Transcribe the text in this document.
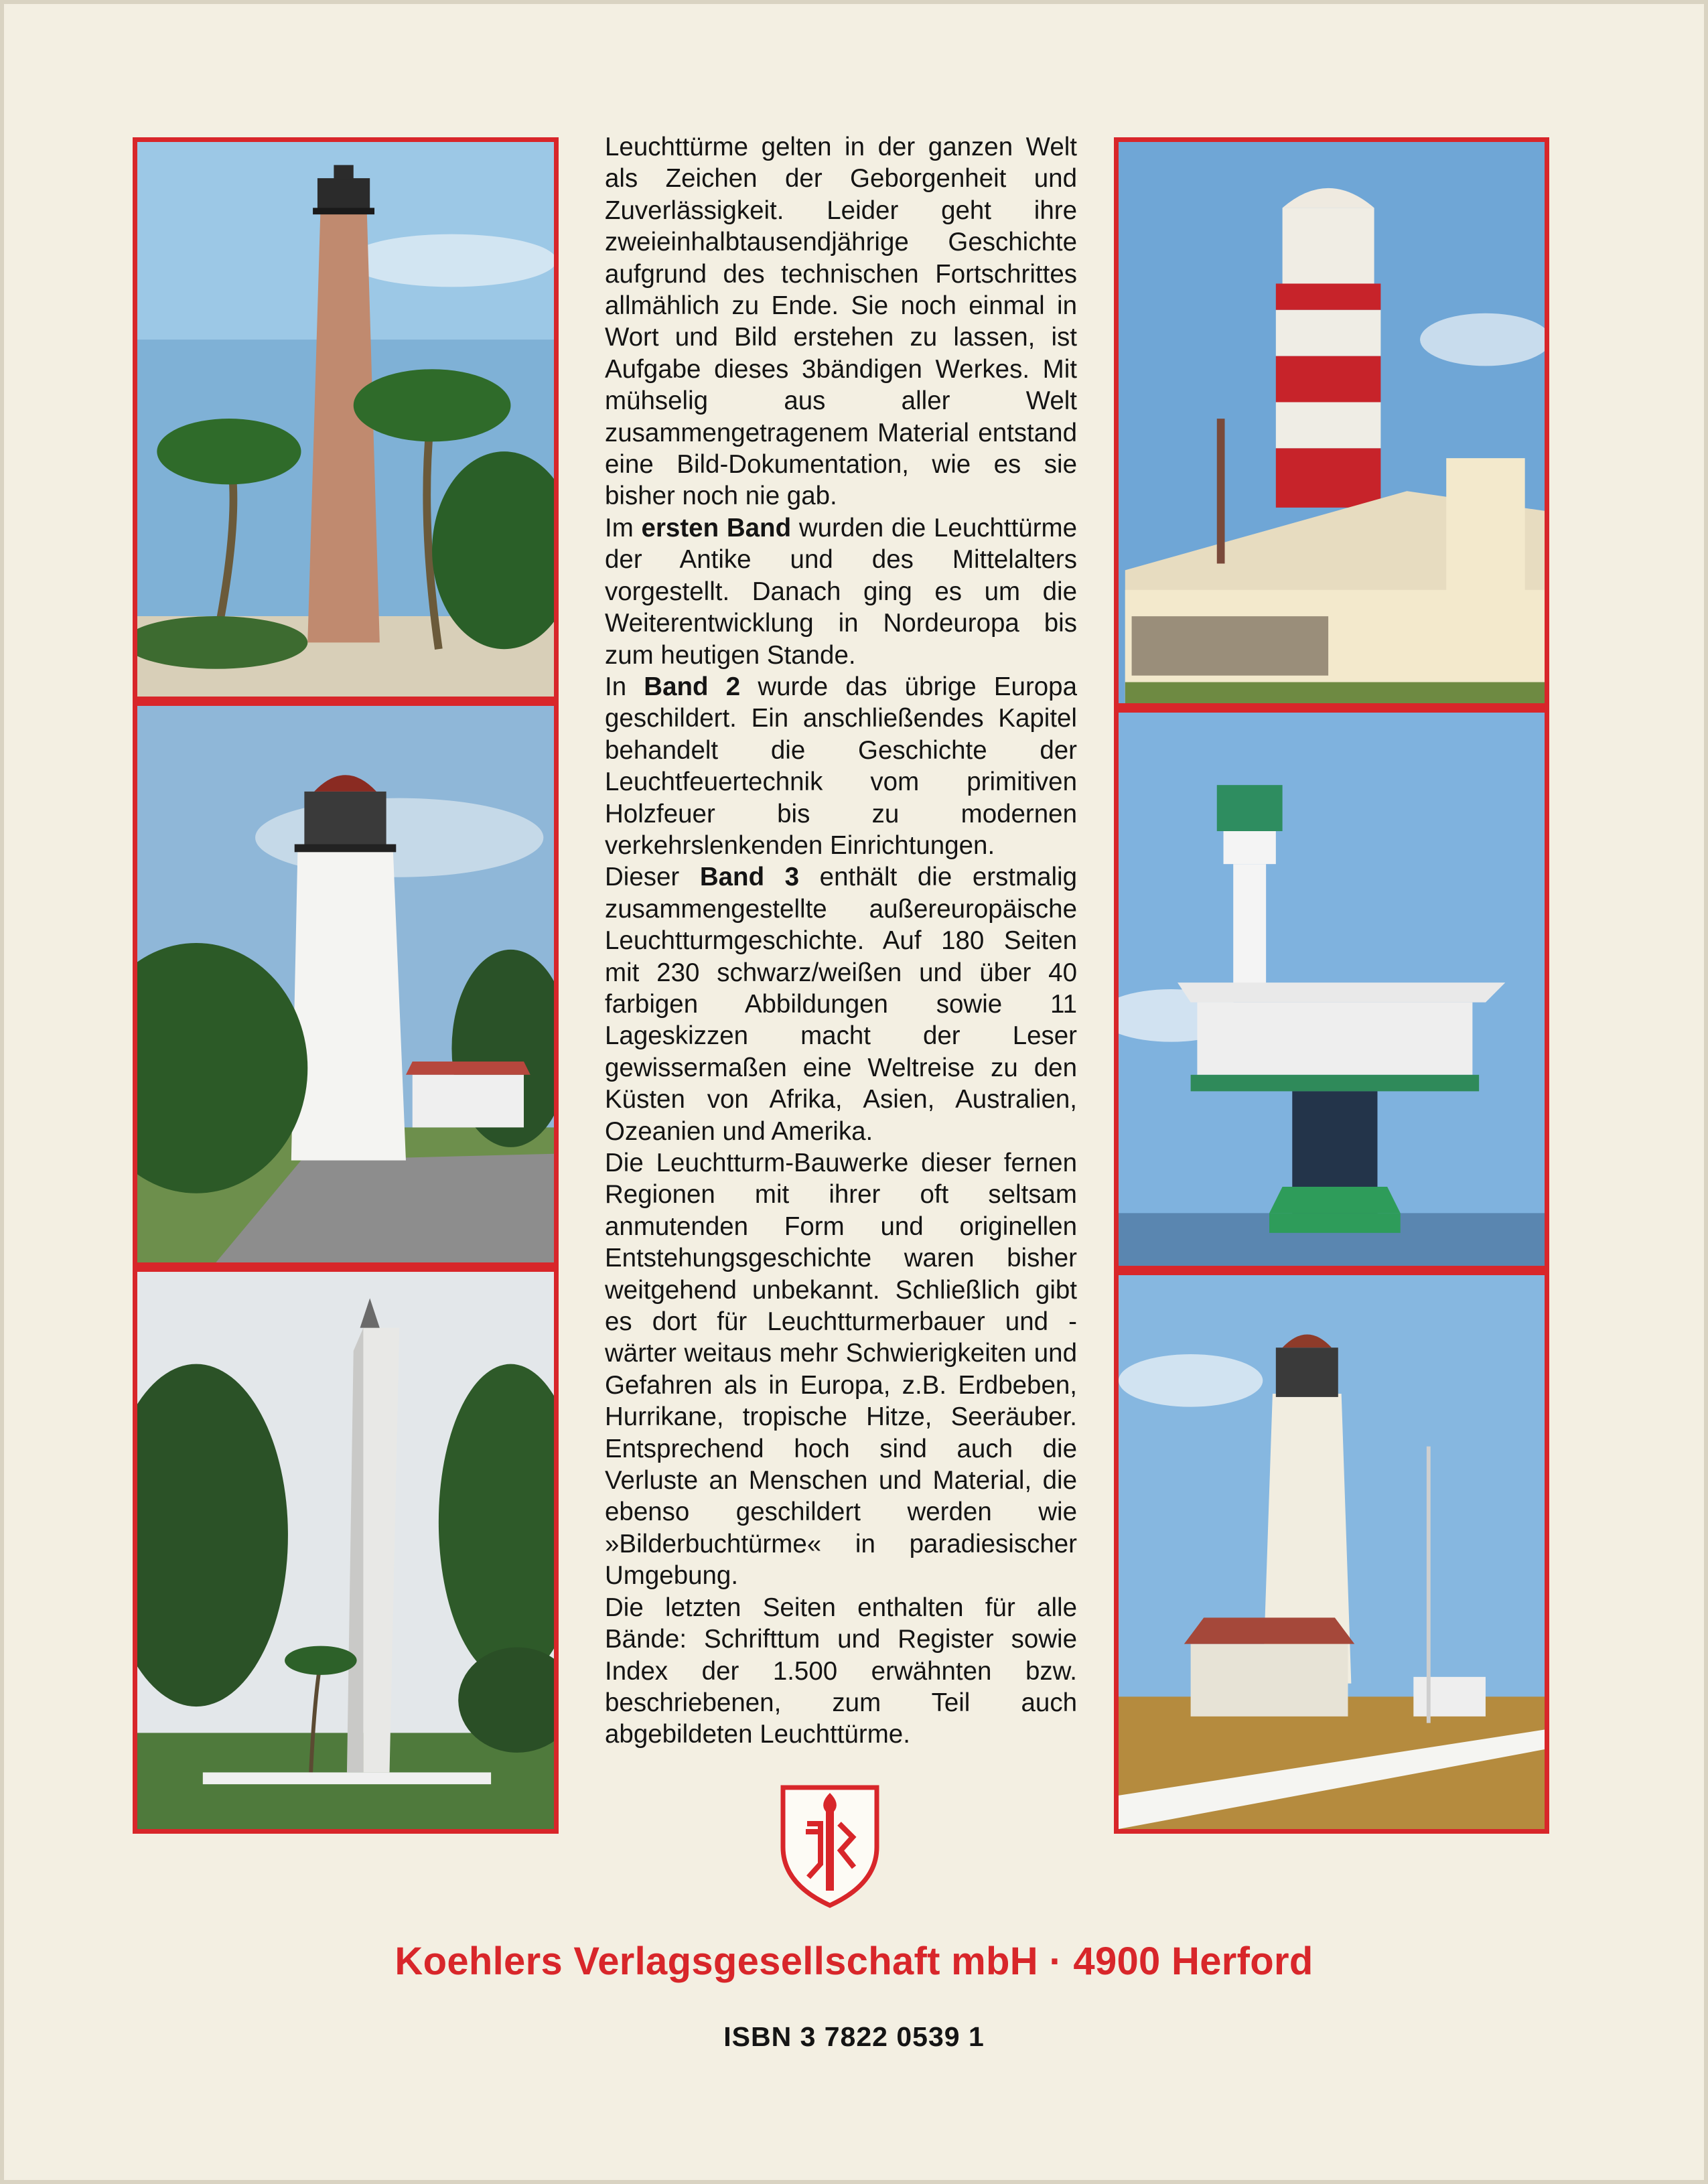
Leuchttürme gelten in der ganzen Welt als Zeichen der Geborgenheit und Zuverlässigkeit. Leider geht ihre zweieinhalbtausendjährige Geschichte aufgrund des technischen Fortschrittes allmählich zu Ende. Sie noch einmal in Wort und Bild erstehen zu lassen, ist Aufgabe dieses 3bändigen Werkes. Mit mühselig aus aller Welt zusammengetragenem Material entstand eine Bild-Dokumentation, wie es sie bisher noch nie gab.

Im ersten Band wurden die Leuchttürme der Antike und des Mittelalters vorgestellt. Danach ging es um die Weiterentwicklung in Nordeuropa bis zum heutigen Stande.

In Band 2 wurde das übrige Europa geschildert. Ein anschließendes Kapitel behandelt die Geschichte der Leuchtfeuertechnik vom primitiven Holzfeuer bis zu modernen verkehrslenkenden Einrichtungen.

Dieser Band 3 enthält die erstmalig zusammengestellte außereuropäische Leuchtturmgeschichte. Auf 180 Seiten mit 230 schwarz/weißen und über 40 farbigen Abbildungen sowie 11 Lageskizzen macht der Leser gewissermaßen eine Weltreise zu den Küsten von Afrika, Asien, Australien, Ozeanien und Amerika.

Die Leuchtturm-Bauwerke dieser fernen Regionen mit ihrer oft seltsam anmutenden Form und originellen Entstehungsgeschichte waren bisher weitgehend unbekannt. Schließlich gibt es dort für Leuchtturmerbauer und -wärter weitaus mehr Schwierigkeiten und Gefahren als in Europa, z.B. Erdbeben, Hurrikane, tropische Hitze, Seeräuber. Entsprechend hoch sind auch die Verluste an Menschen und Material, die ebenso geschildert werden wie »Bilderbuchtürme« in paradiesischer Umgebung.

Die letzten Seiten enthalten für alle Bände: Schrifttum und Register sowie Index der 1.500 erwähnten bzw. beschriebenen, zum Teil auch abgebildeten Leuchttürme.

Koehlers Verlagsgesellschaft mbH · 4900 Herford
ISBN 3 7822 0539 1
